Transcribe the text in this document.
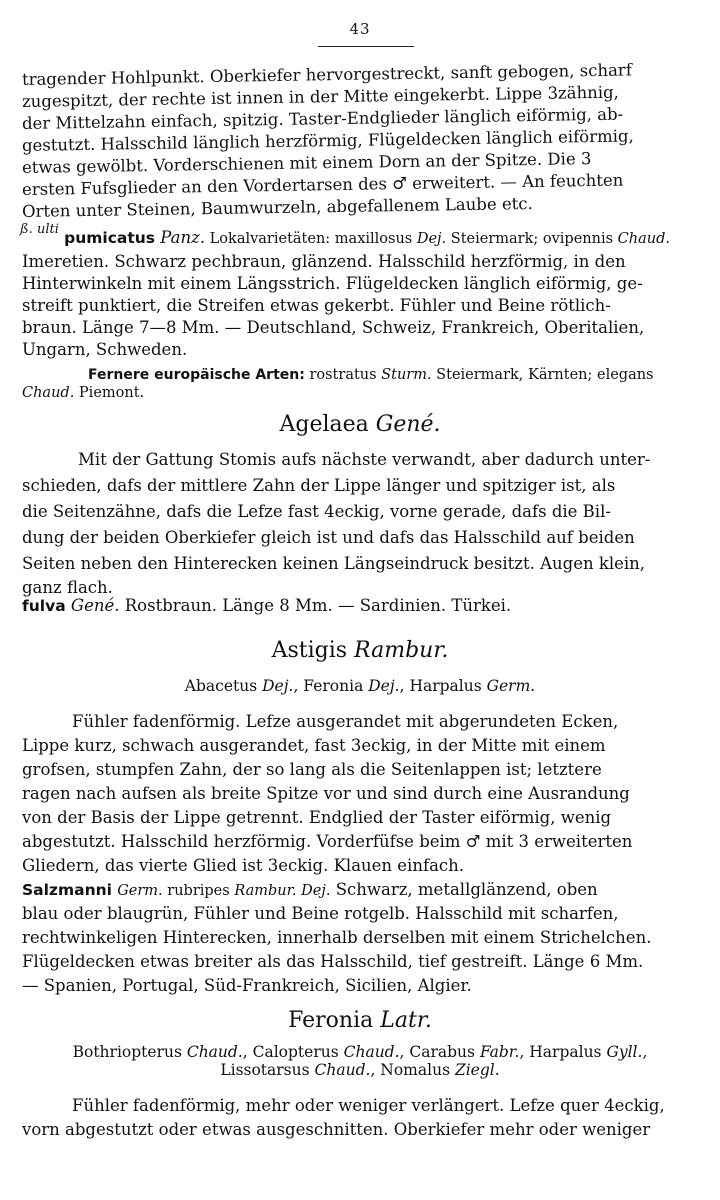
43
tragender Hohlpunkt. Oberkiefer hervorgestreckt, sanft gebogen, scharf
zugespitzt, der rechte ist innen in der Mitte eingekerbt. Lippe 3zähnig,
der Mittelzahn einfach, spitzig. Taster-Endglieder länglich eiförmig, ab-
gestutzt. Halsschild länglich herzförmig, Flügeldecken länglich eiförmig,
etwas gewölbt. Vorderschienen mit einem Dorn an der Spitze. Die 3
ersten Fufsglieder an den Vordertarsen des ♂ erweitert. — An feuchten
Orten unter Steinen, Baumwurzeln, abgefallenem Laube etc.
$^{ß. ulti}$ pumicatus Panz. Lokalvarietäten: maxillosus Dej. Steiermark; ovipennis Chaud.
Imeretien. Schwarz pechbraun, glänzend. Halsschild herzförmig, in den
Hinterwinkeln mit einem Längsstrich. Flügeldecken länglich eiförmig, ge-
streift punktiert, die Streifen etwas gekerbt. Fühler und Beine rötlich-
braun. Länge 7—8 Mm. — Deutschland, Schweiz, Frankreich, Oberitalien,
Ungarn, Schweden.
Fernere europäische Arten: rostratus Sturm. Steiermark, Kärnten; elegans
Chaud. Piemont.
Agelaea Gené.
Mit der Gattung Stomis aufs nächste verwandt, aber dadurch unter-
schieden, dafs der mittlere Zahn der Lippe länger und spitziger ist, als
die Seitenzähne, dafs die Lefze fast 4eckig, vorne gerade, dafs die Bil-
dung der beiden Oberkiefer gleich ist und dafs das Halsschild auf beiden
Seiten neben den Hinterecken keinen Längseindruck besitzt. Augen klein,
ganz flach.
fulva Gené. Rostbraun. Länge 8 Mm. — Sardinien. Türkei.
Astigis Rambur.
Abacetus Dej., Feronia Dej., Harpalus Germ.
Fühler fadenförmig. Lefze ausgerandet mit abgerundeten Ecken,
Lippe kurz, schwach ausgerandet, fast 3eckig, in der Mitte mit einem
grofsen, stumpfen Zahn, der so lang als die Seitenlappen ist; letztere
ragen nach aufsen als breite Spitze vor und sind durch eine Ausrandung
von der Basis der Lippe getrennt. Endglied der Taster eiförmig, wenig
abgestutzt. Halsschild herzförmig. Vorderfüfse beim ♂ mit 3 erweiterten
Gliedern, das vierte Glied ist 3eckig. Klauen einfach.
Salzmanni Germ. rubripes Rambur. Dej. Schwarz, metallglänzend, oben
blau oder blaugrün, Fühler und Beine rotgelb. Halsschild mit scharfen,
rechtwinkeligen Hinterecken, innerhalb derselben mit einem Strichelchen.
Flügeldecken etwas breiter als das Halsschild, tief gestreift. Länge 6 Mm.
— Spanien, Portugal, Süd-Frankreich, Sicilien, Algier.
Feronia Latr.
Bothriopterus Chaud., Calopterus Chaud., Carabus Fabr., Harpalus Gyll.,
Lissotarsus Chaud., Nomalus Ziegl.
Fühler fadenförmig, mehr oder weniger verlängert. Lefze quer 4eckig,
vorn abgestutzt oder etwas ausgeschnitten. Oberkiefer mehr oder weniger
